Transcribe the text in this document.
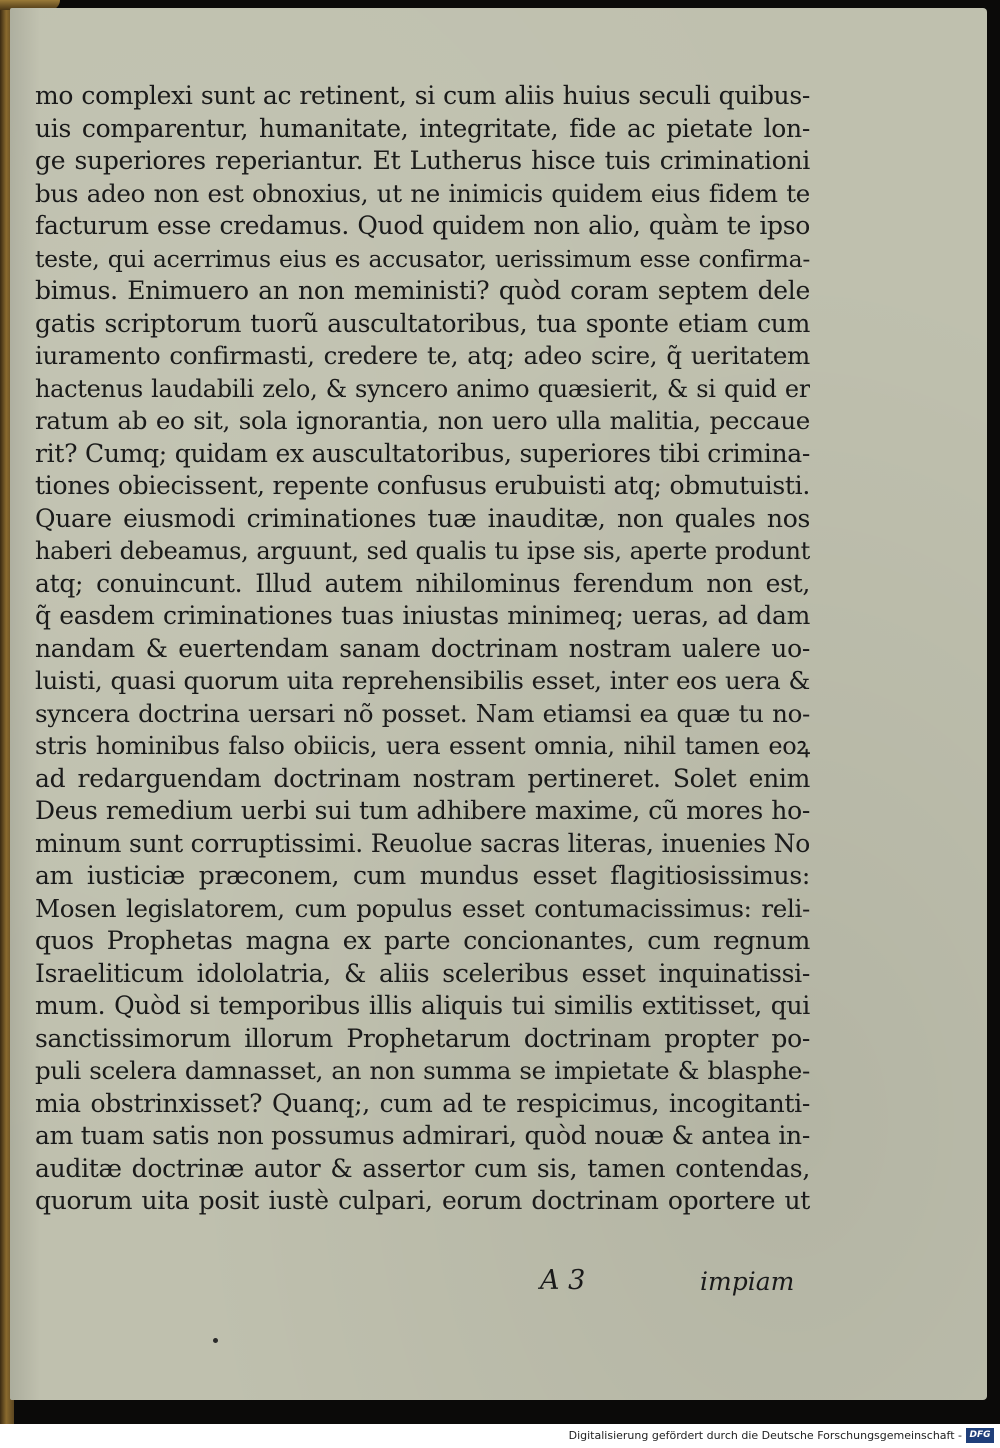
mo complexi sunt ac retinent, si cum aliis huius seculi quibus-
uis comparentur, humanitate, integritate, fide ac pietate lon-
ge superiores reperiantur. Et Lutherus hisce tuis criminationi
bus adeo non est obnoxius, ut ne inimicis quidem eius fidem te
facturum esse credamus. Quod quidem non alio, quàm te ipso
teste, qui acerrimus eius es accusator, uerissimum esse confirma-
bimus. Enimuero an non meministi? quòd coram septem dele
gatis scriptorum tuorũ auscultatoribus, tua sponte etiam cum
iuramento confirmasti, credere te, atq; adeo scire, q̃ ueritatem
hactenus laudabili zelo, & syncero animo quæsierit, & si quid er
ratum ab eo sit, sola ignorantia, non uero ulla malitia, peccaue
rit? Cumq; quidam ex auscultatoribus, superiores tibi crimina-
tiones obiecissent, repente confusus erubuisti atq; obmutuisti.
Quare eiusmodi criminationes tuæ inauditæ, non quales nos
haberi debeamus, arguunt, sed qualis tu ipse sis, aperte produnt
atq; conuincunt. Illud autem nihilominus ferendum non est,
q̃ easdem criminationes tuas iniustas minimeq; ueras, ad dam
nandam & euertendam sanam doctrinam nostram ualere uo-
luisti, quasi quorum uita reprehensibilis esset, inter eos uera &
syncera doctrina uersari nõ posset. Nam etiamsi ea quæ tu no-
stris hominibus falso obiicis, uera essent omnia, nihil tamen eoꝝ
ad redarguendam doctrinam nostram pertineret. Solet enim
Deus remedium uerbi sui tum adhibere maxime, cũ mores ho-
minum sunt corruptissimi. Reuolue sacras literas, inuenies No
am iusticiæ præconem, cum mundus esset flagitiosissimus:
Mosen legislatorem, cum populus esset contumacissimus: reli-
quos Prophetas magna ex parte concionantes, cum regnum
Israeliticum idololatria, & aliis sceleribus esset inquinatissi-
mum. Quòd si temporibus illis aliquis tui similis extitisset, qui
sanctissimorum illorum Prophetarum doctrinam propter po-
puli scelera damnasset, an non summa se impietate & blasphe-
mia obstrinxisset? Quanq;, cum ad te respicimus, incogitanti-
am tuam satis non possumus admirari, quòd nouæ & antea in-
auditæ doctrinæ autor & assertor cum sis, tamen contendas,
quorum uita posit iustè culpari, eorum doctrinam oportere ut
A 3	impiam
Digitalisierung gefördert durch die Deutsche Forschungsgemeinschaft - DFG
